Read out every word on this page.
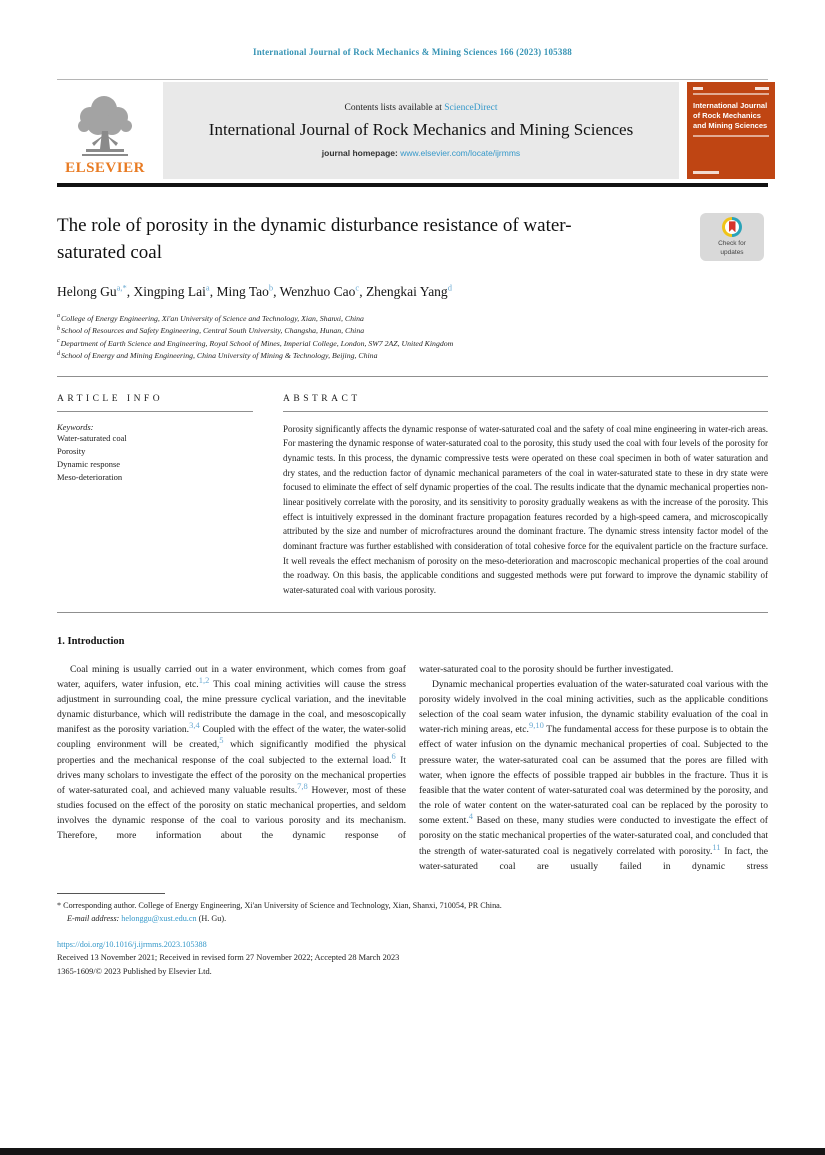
International Journal of Rock Mechanics & Mining Sciences 166 (2023) 105388
ELSEVIER
Contents lists available at ScienceDirect
International Journal of Rock Mechanics and Mining Sciences
journal homepage: www.elsevier.com/locate/ijrmms
International Journal of Rock Mechanics and Mining Sciences
The role of porosity in the dynamic disturbance resistance of water-saturated coal	Check for updates
Helong $Gu^{a,*}$, Xingping Lai$^a$, Ming Tao$^b$, Wenzhuo Cao$^c$, Zhengkai Yang$^d$
$^a$College of Energy Engineering, Xi'an University of Science and Technology, Xian, Shanxi, China
$^b$School of Resources and Safety Engineering, Central South University, Changsha, Hunan, China
$^c$Department of Earth Science and Engineering, Royal School of Mines, Imperial College, London, SW7 2AZ, United Kingdom
$^d$School of Energy and Mining Engineering, China University of Mining & Technology, Beijing, China
ARTICLE INFO
Keywords:
Water-saturated coal
Porosity
Dynamic response
Meso-deterioration
ABSTRACT
Porosity significantly affects the dynamic response of water-saturated coal and the safety of coal mine engineering in water-rich areas. For mastering the dynamic response of water-saturated coal to the porosity, this study used the coal with four levels of the porosity for dynamic tests. In this process, the dynamic compressive tests were operated on these coal specimen in both of water saturation and dry states, and the reduction factor of dynamic mechanical parameters of the coal in water-saturated state to these in dry state were focused to eliminate the effect of self dynamic properties of the coal. The results indicate that the dynamic mechanical properties non-linear positively correlate with the porosity, and its sensitivity to porosity gradually weakens as with the increase of the porosity. This effect is intuitively expressed in the dominant fracture propagation features recorded by a high-speed camera, and microscopically attributed by the size and number of microfractures around the dominant fracture. The dynamic stress intensity factor model of the dominant fracture was further established with consideration of total cohesive force for the equivalent particle on the fracture surface. It well reveals the effect mechanism of porosity on the meso-deterioration and macroscopic mechanical properties of the coal around the roadway. On this basis, the applicable conditions and suggested methods were put forward to improve the dynamic stability of water-saturated coal with various porosity.
1. Introduction

Coal mining is usually carried out in a water environment, which comes from goaf water, aquifers, water infusion, etc.$^{1,2}$ This coal mining activities will cause the stress adjustment in surrounding coal, the mine pressure cyclical variation, and the inevitable dynamic disturbance, which will redistribute the damage in the coal, and mesoscopically manifest as the porosity variation.$^{3,4}$ Coupled with the effect of the water, the water-solid coupling environment will be created,$^5$ which significantly modified the physical properties and the mechanical response of the coal subjected to the external load.$^6$ It drives many scholars to investigate the effect of the porosity on the mechanical properties of water-saturated coal, and achieved many valuable results.$^{7,8}$ However, most of these studies focused on the effect of the porosity on static mechanical properties, and seldom involves the dynamic response of the coal to various porosity and its mechanism. Therefore, more information about the dynamic response of

water-saturated coal to the porosity should be further investigated.

Dynamic mechanical properties evaluation of the water-saturated coal various with the porosity widely involved in the coal mining activities, such as the applicable conditions selection of the coal seam water infusion, the dynamic stability evaluation of the coal in water-rich mining areas, etc.$^{9,10}$ The fundamental access for these purpose is to obtain the effect of water infusion on the dynamic mechanical properties of coal. Subjected to the pressure water, the water-saturated coal can be assumed that the pores are filled with water, when ignore the effects of possible trapped air bubbles in the fracture. Thus it is feasible that the water content of water-saturated coal was determined by the porosity, and the role of water content on the water-saturated coal can be replaced by the porosity to some extent.$^4$ Based on these, many studies were conducted to investigate the effect of porosity on the static mechanical properties of the water-saturated coal, and concluded that the strength of water-saturated coal is negatively correlated with porosity.$^{11}$ In fact, the water-saturated coal are usually failed in dynamic stress

* Corresponding author. College of Energy Engineering, Xi'an University of Science and Technology, Xian, Shanxi, 710054, PR China.
E-mail address: helonggu@xust.edu.cn (H. Gu).
https://doi.org/10.1016/j.ijrmms.2023.105388
Received 13 November 2021; Received in revised form 27 November 2022; Accepted 28 March 2023
1365-1609/© 2023 Published by Elsevier Ltd.
